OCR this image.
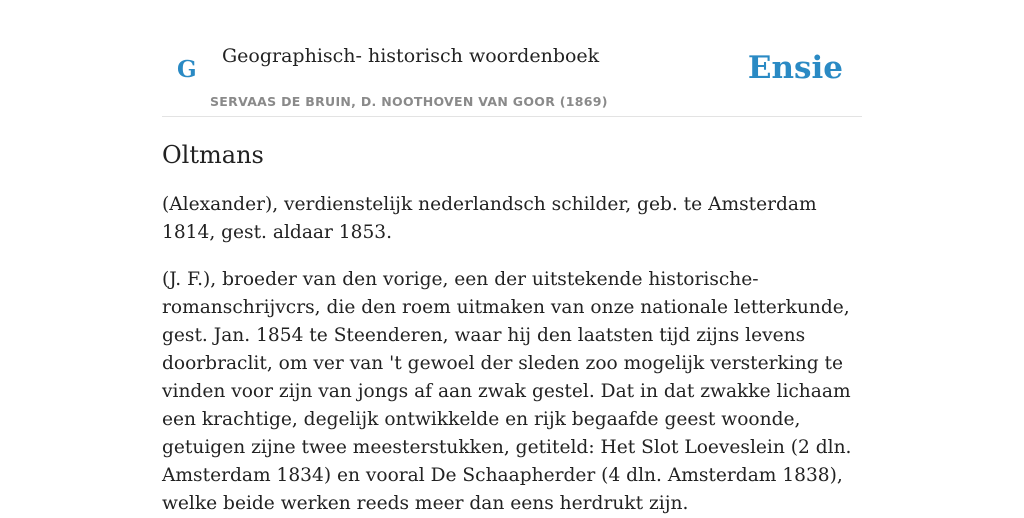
G Geographisch- historisch woordenboek
SERVAAS DE BRUIN, D. NOOTHOVEN VAN GOOR (1869)
Ensie
Oltmans

(Alexander), verdienstelijk nederlandsch schilder, geb. te Amsterdam 1814, gest. aldaar 1853.

(J. F.), broeder van den vorige, een der uitstekende historische-romanschrijvcrs, die den roem uitmaken van onze nationale letterkunde, gest. Jan. 1854 te Steenderen, waar hij den laatsten tijd zijns levens doorbraclit, om ver van 't gewoel der sleden zoo mogelijk versterking te vinden voor zijn van jongs af aan zwak gestel. Dat in dat zwakke lichaam een krachtige, degelijk ontwikkelde en rijk begaafde geest woonde, getuigen zijne twee meesterstukken, getiteld: Het Slot Loeveslein (2 dln. Amsterdam 1834) en vooral De Schaapherder (4 dln. Amsterdam 1838), welke beide werken reeds meer dan eens herdrukt zijn.
